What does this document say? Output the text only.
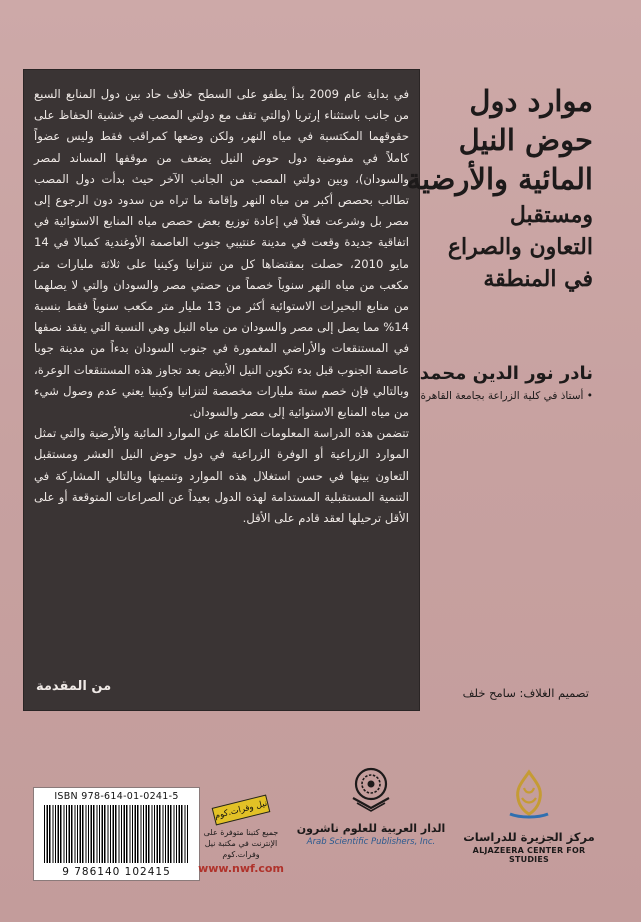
في بداية عام 2009 بدأ يطفو على السطح خلاف حاد بين دول المنابع السبع من جانب باستثناء إرتريا (والتي تقف مع دولتي المصب في خشية الحفاظ على حقوقهما المكتسبة في مياه النهر، ولكن وضعها كمراقب فقط وليس عضواً كاملاً في مفوضية دول حوض النيل يضعف من موقفها المساند لمصر والسودان)، وبين دولتي المصب من الجانب الآخر حيث بدأت دول المصب تطالب بحصص أكبر من مياه النهر وإقامة ما تراه من سدود دون الرجوع إلى مصر بل وشرعت فعلاً في إعادة توزيع بعض حصص مياه المنابع الاستوائية في اتفاقية جديدة وقعت في مدينة عنتيبي جنوب العاصمة الأوغندية كمبالا في 14 مايو 2010، حصلت بمقتضاها كل من تنزانيا وكينيا على ثلاثة مليارات متر مكعب من مياه النهر سنوياً خصماً من حصتي مصر والسودان والتي لا يصلهما من منابع البحيرات الاستوائية أكثر من 13 مليار متر مكعب سنوياً فقط بنسبة 14% مما يصل إلى مصر والسودان من مياه النيل وهي النسبة التي يفقد نصفها في المستنقعات والأراضي المغمورة في جنوب السودان بدءاً من مدينة جوبا عاصمة الجنوب قبل بدء تكوين النيل الأبيض بعد تجاوز هذه المستنقعات الوعرة، وبالتالي فإن خصم ستة مليارات مخصصة لتنزانيا وكينيا يعني عدم وصول شيء من مياه المنابع الاستوائية إلى مصر والسودان.

تتضمن هذه الدراسة المعلومات الكاملة عن الموارد المائية والأرضية والتي تمثل الموارد الزراعية أو الوفرة الزراعية في دول حوض النيل العشر ومستقبل التعاون بينها في حسن استغلال هذه الموارد وتنميتها وبالتالي المشاركة في التنمية المستقبلية المستدامة لهذه الدول بعيداً عن الصراعات المتوقعة أو على الأقل ترحيلها لعقد قادم على الأقل.

من المقدمة
موارد دول
حوض النيل
المائية والأرضية
ومستقبل
التعاون والصراع
في المنطقة
نادر نور الدين محمد
• أستاذ في كلية الزراعة بجامعة القاهرة
تصميم الغلاف: سامح خلف
ISBN 978-614-01-0241-5
9 786140 102415
نيل وفرات.كوم
جميع كتبنا متوفرة على الإنترنت في مكتبة نيل وفرات.كوم
www.nwf.com
الدار العربية للعلوم ناشرون
Arab Scientific Publishers, Inc.	مركز الجزيرة للدراسات
ALJAZEERA CENTER FOR STUDIES
